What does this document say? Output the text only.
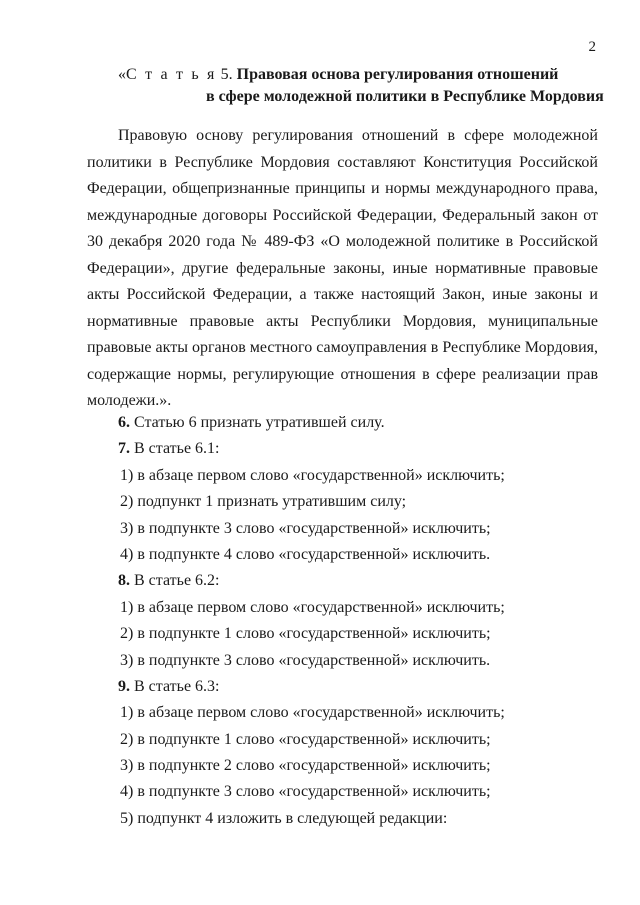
2
«С т а т ь я 5. Правовая основа регулирования отношений
в сфере молодежной политики в Республике Мордовия

Правовую основу регулирования отношений в сфере молодежной политики в Республике Мордовия составляют Конституция Российской Федерации, общепризнанные принципы и нормы международного права, международные договоры Российской Федерации, Федеральный закон от 30 декабря 2020 года № 489-ФЗ «О молодежной политике в Российской Федерации», другие федеральные законы, иные нормативные правовые акты Российской Федерации, а также настоящий Закон, иные законы и нормативные правовые акты Республики Мордовия, муниципальные правовые акты органов местного самоуправления в Республике Мордовия, содержащие нормы, регулирующие отношения в сфере реализации прав молодежи.».

6. Статью 6 признать утратившей силу.
7. В статье 6.1:
1) в абзаце первом слово «государственной» исключить;
2) подпункт 1 признать утратившим силу;
3) в подпункте 3 слово «государственной» исключить;
4) в подпункте 4 слово «государственной» исключить.
8. В статье 6.2:
1) в абзаце первом слово «государственной» исключить;
2) в подпункте 1 слово «государственной» исключить;
3) в подпункте 3 слово «государственной» исключить.
9. В статье 6.3:
1) в абзаце первом слово «государственной» исключить;
2) в подпункте 1 слово «государственной» исключить;
3) в подпункте 2 слово «государственной» исключить;
4) в подпункте 3 слово «государственной» исключить;
5) подпункт 4 изложить в следующей редакции:
